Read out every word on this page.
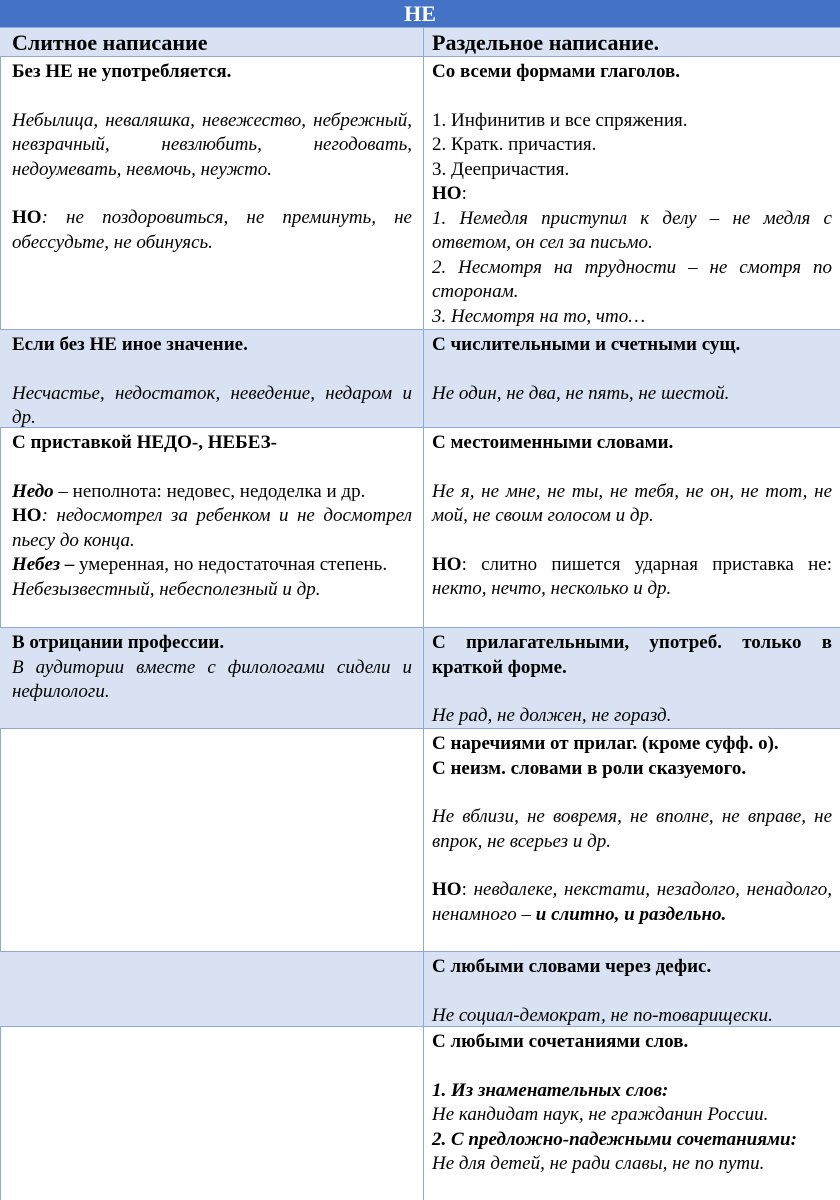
НЕ
Слитное написание	Раздельное написание.

Без НЕ не употребляется.

Небылица, неваляшка, невежество, небрежный, невзрачный, невзлюбить, негодовать, недоумевать, невмочь, неужто.

НО: не поздоровиться, не преминуть, не обессудьте, не обинуясь.

Со всеми формами глаголов.

1. Инфинитив и все спряжения.

2. Кратк. причастия.

3. Деепричастия.

НО:

1. Немедля приступил к делу – не медля с ответом, он сел за письмо.

2. Несмотря на трудности – не смотря по сторонам.

3. Несмотря на то, что…

Если без НЕ иное значение.

Несчастье, недостаток, неведение, недаром и др.

С числительными и счетными сущ.

Не один, не два, не пять, не шестой.

С приставкой НЕДО-, НЕБЕЗ-

Недо – неполнота: недовес, недоделка и др.

НО: недосмотрел за ребенком и не досмотрел пьесу до конца.

Небез – умеренная, но недостаточная степень.

Небезызвестный, небесполезный и др.

С местоименными словами.

Не я, не мне, не ты, не тебя, не он, не тот, не мой, не своим голосом и др.

НО: слитно пишется ударная приставка не: некто, нечто, несколько и др.

В отрицании профессии.

В аудитории вместе с филологами сидели и нефилологи.

С прилагательными, употреб. только в краткой форме.

Не рад, не должен, не горазд.

С наречиями от прилаг. (кроме суфф. о).

С неизм. словами в роли сказуемого.

Не вблизи, не вовремя, не вполне, не вправе, не впрок, не всерьез и др.

НО: невдалеке, некстати, незадолго, ненадолго, ненамного – и слитно, и раздельно.

С любыми словами через дефис.

Не социал-демократ, не по-товарищески.

С любыми сочетаниями слов.

1. Из знаменательных слов:

Не кандидат наук, не гражданин России.

2. С предложно-падежными сочетаниями:

Не для детей, не ради славы, не по пути.
